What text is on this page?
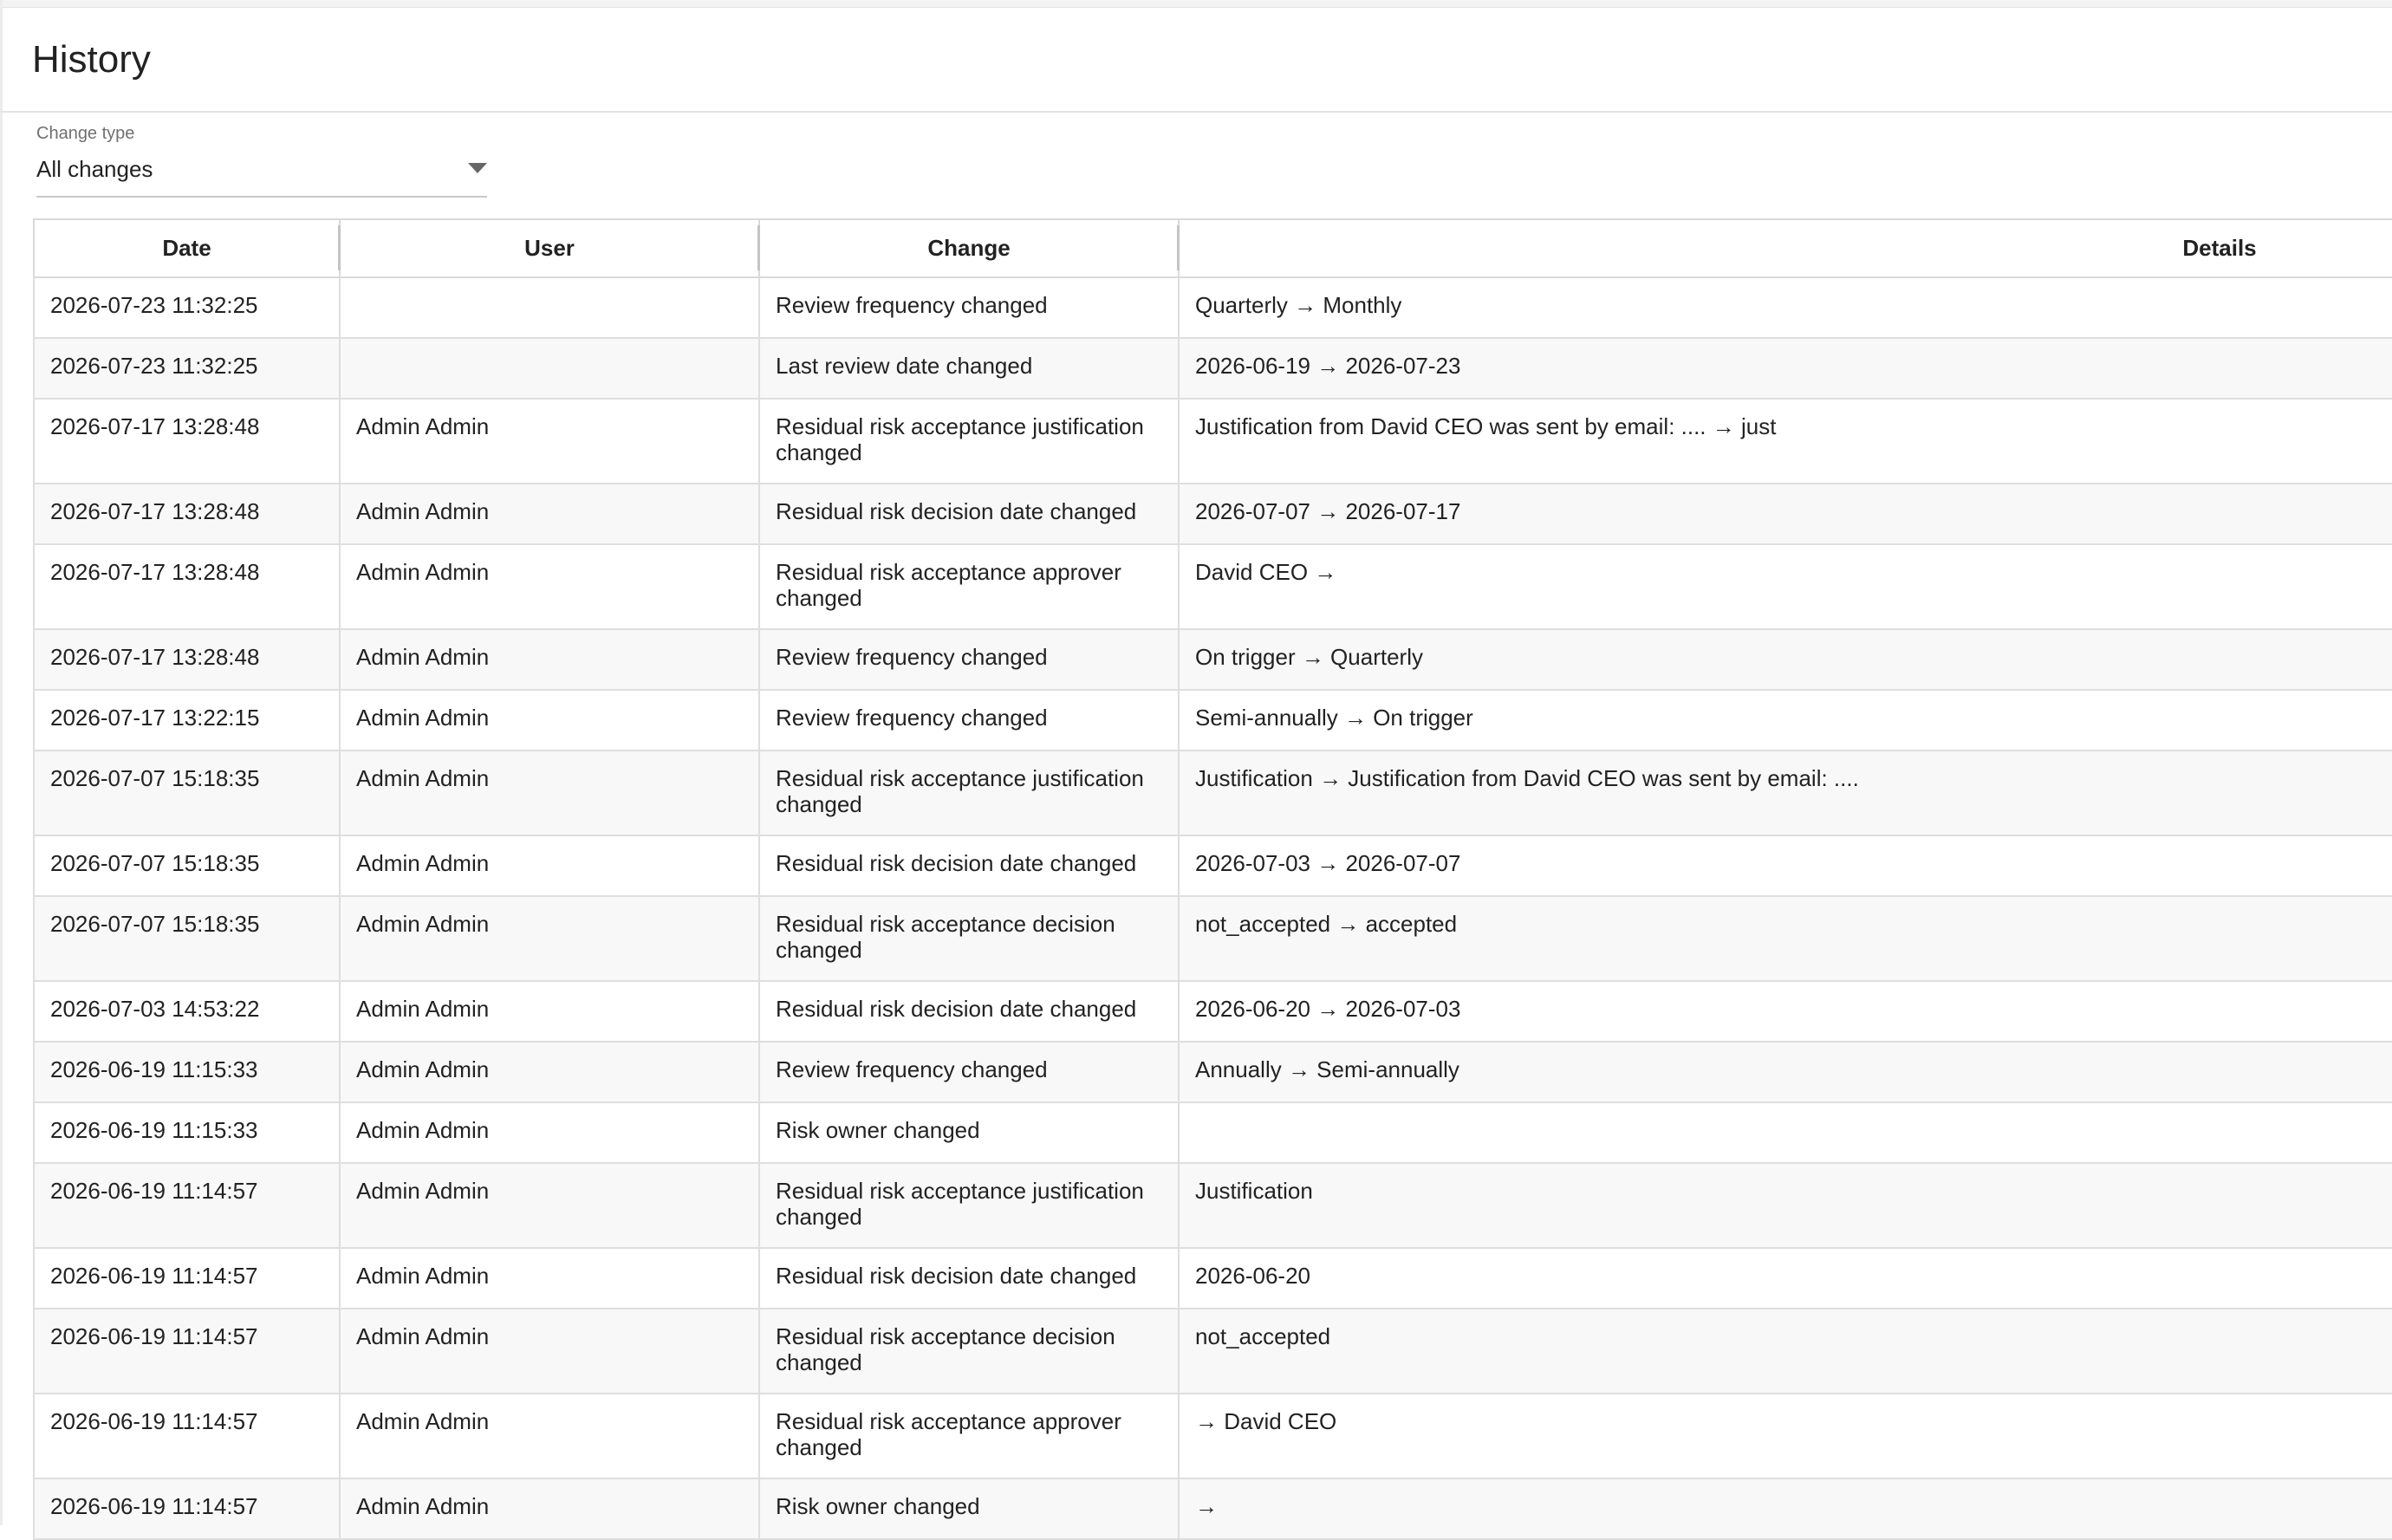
History
Change type
All changes
Date	User	Change	Details
2026-07-23 11:32:25		Review frequency changed	Quarterly → Monthly
2026-07-23 11:32:25		Last review date changed	2026-06-19 → 2026-07-23
2026-07-17 13:28:48	Admin Admin	Residual risk acceptance justification changed	Justification from David CEO was sent by email: .... → just
2026-07-17 13:28:48	Admin Admin	Residual risk decision date changed	2026-07-07 → 2026-07-17
2026-07-17 13:28:48	Admin Admin	Residual risk acceptance approver changed	David CEO →
2026-07-17 13:28:48	Admin Admin	Review frequency changed	On trigger → Quarterly
2026-07-17 13:22:15	Admin Admin	Review frequency changed	Semi-annually → On trigger
2026-07-07 15:18:35	Admin Admin	Residual risk acceptance justification changed	Justification → Justification from David CEO was sent by email: ....
2026-07-07 15:18:35	Admin Admin	Residual risk decision date changed	2026-07-03 → 2026-07-07
2026-07-07 15:18:35	Admin Admin	Residual risk acceptance decision changed	not_accepted → accepted
2026-07-03 14:53:22	Admin Admin	Residual risk decision date changed	2026-06-20 → 2026-07-03
2026-06-19 11:15:33	Admin Admin	Review frequency changed	Annually → Semi-annually
2026-06-19 11:15:33	Admin Admin	Risk owner changed	
2026-06-19 11:14:57	Admin Admin	Residual risk acceptance justification changed	Justification
2026-06-19 11:14:57	Admin Admin	Residual risk decision date changed	2026-06-20
2026-06-19 11:14:57	Admin Admin	Residual risk acceptance decision changed	not_accepted
2026-06-19 11:14:57	Admin Admin	Residual risk acceptance approver changed	→ David CEO
2026-06-19 11:14:57	Admin Admin	Risk owner changed	→
